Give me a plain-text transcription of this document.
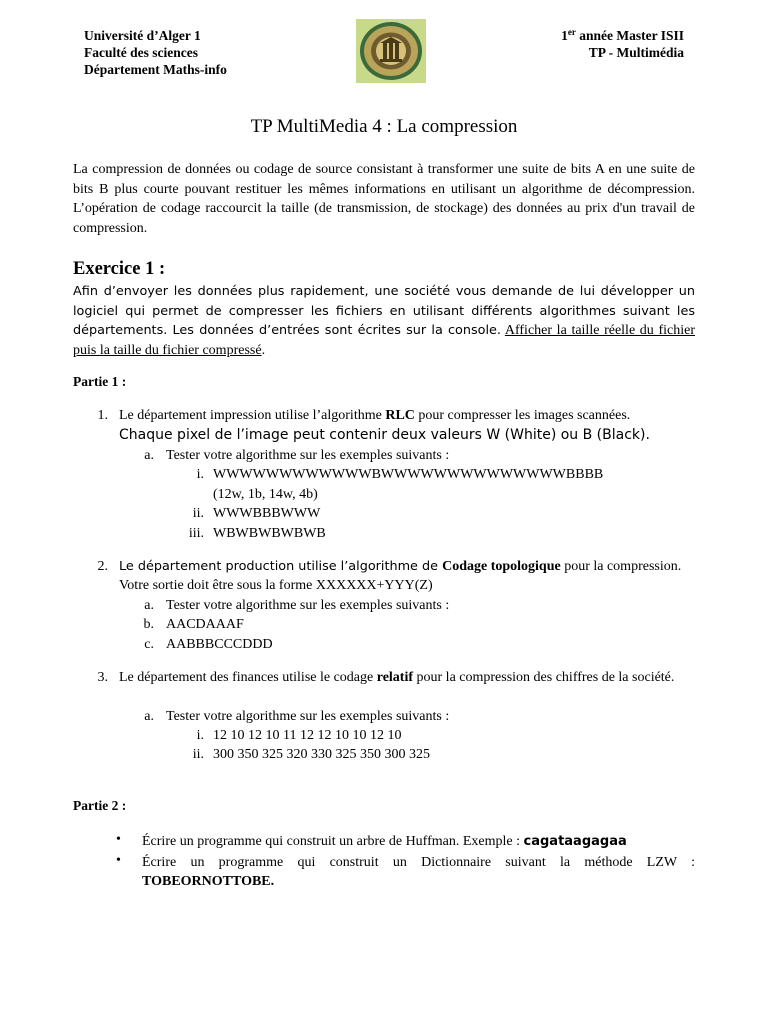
Université d’Alger 1
Faculté des sciences
Département Maths-info
1er année Master ISII
TP - Multimédia
TP MultiMedia 4 : La compression
La compression de données ou codage de source consistant à transformer une suite de bits A en une suite de bits B plus courte pouvant restituer les mêmes informations en utilisant un algorithme de décompression. L’opération de codage raccourcit la taille (de transmission, de stockage) des données au prix d'un travail de compression.
Exercice 1 :
Afin d’envoyer les données plus rapidement, une société vous demande de lui développer un logiciel qui permet de compresser les fichiers en utilisant différents algorithmes suivant les départements. Les données d’entrées sont écrites sur la console. Afficher la taille réelle du fichier puis la taille du fichier compressé.
Partie 1 :
1. Le département impression utilise l’algorithme RLC pour compresser les images scannées.
Chaque pixel de l’image peut contenir deux valeurs W (White) ou B (Black).
a. Tester votre algorithme sur les exemples suivants :
i. WWWWWWWWWWWWBWWWWWWWWWWWWWWBBBB
(12w, 1b, 14w, 4b)
ii. WWWBBBWWW
iii. WBWBWBWBWB
2. Le département production utilise l’algorithme de Codage topologique pour la compression.
Votre sortie doit être sous la forme XXXXXX+YYY(Z)
a. Tester votre algorithme sur les exemples suivants :
b. AACDAAAF
c. AABBBCCCDDD
3. Le département des finances utilise le codage relatif pour la compression des chiffres de la société.
a. Tester votre algorithme sur les exemples suivants :
i. 12 10 12 10 11 12 12 10 10 12 10
ii. 300 350 325 320 330 325 350 300 325
Partie 2 :
• Écrire un programme qui construit un arbre de Huffman. Exemple : cagataagagaa
• Écrire un programme qui construit un Dictionnaire suivant la méthode LZW :
TOBEORNOTTOBE.
